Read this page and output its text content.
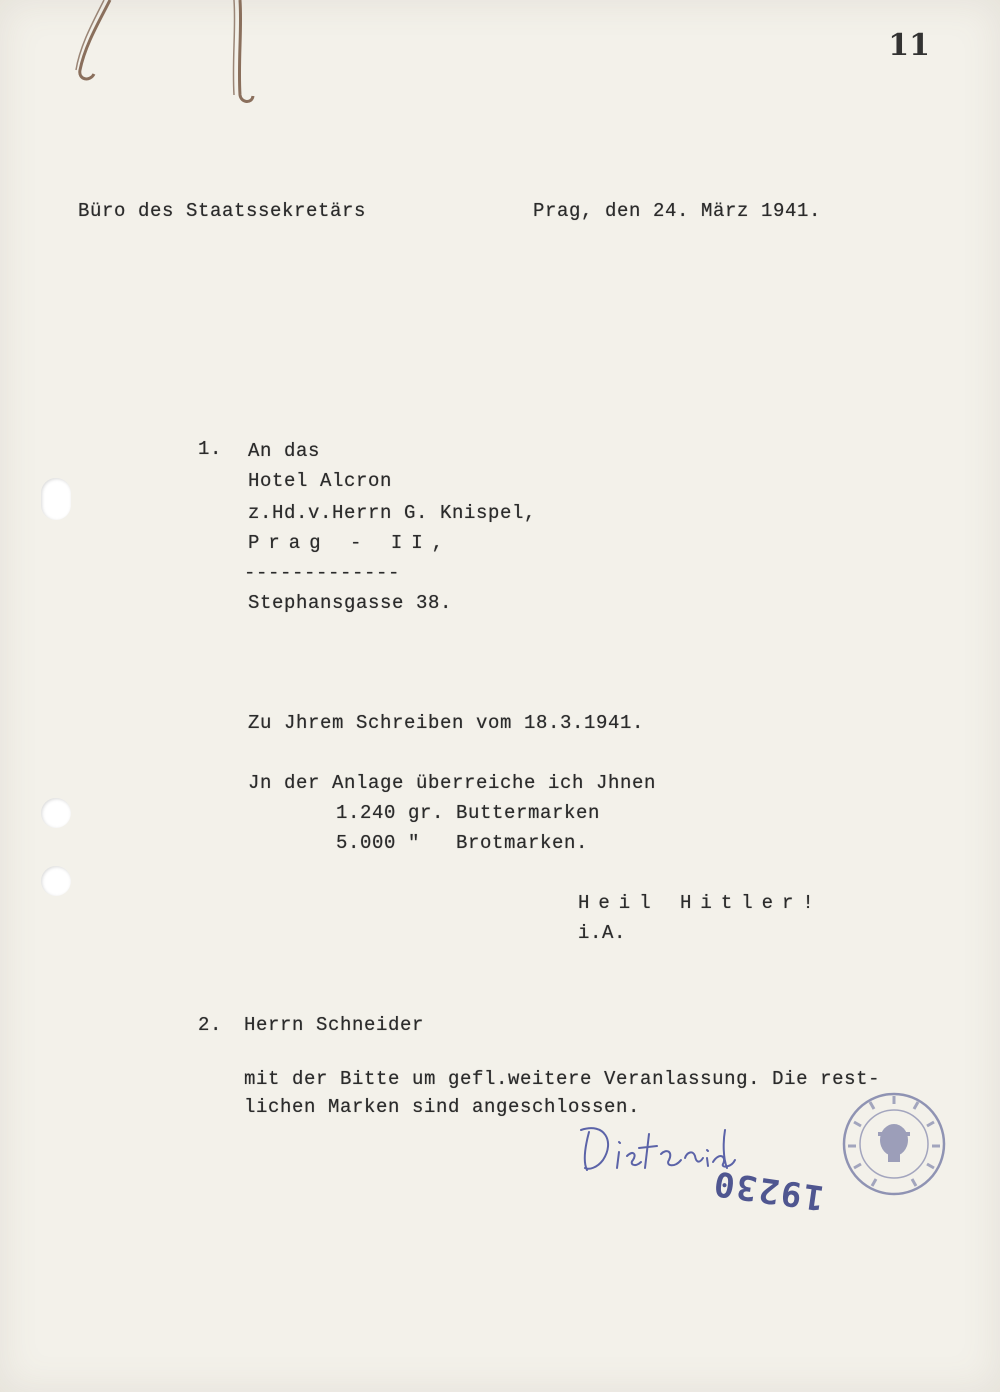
11
Büro des Staatssekretärs	Prag, den 24. März 1941.
1. An das
Hotel Alcron
z.Hd.v.Herrn G. Knispel,
Prag - II,
-------------
Stephansgasse 38.
Zu Jhrem Schreiben vom 18.3.1941.
Jn der Anlage überreiche ich Jhnen
1.240 gr. Buttermarken
5.000 " Brotmarken.
Heil Hitler!
i.A.
2. Herrn Schneider
mit der Bitte um gefl.weitere Veranlassung. Die rest-
lichen Marken sind angeschlossen.
19230
